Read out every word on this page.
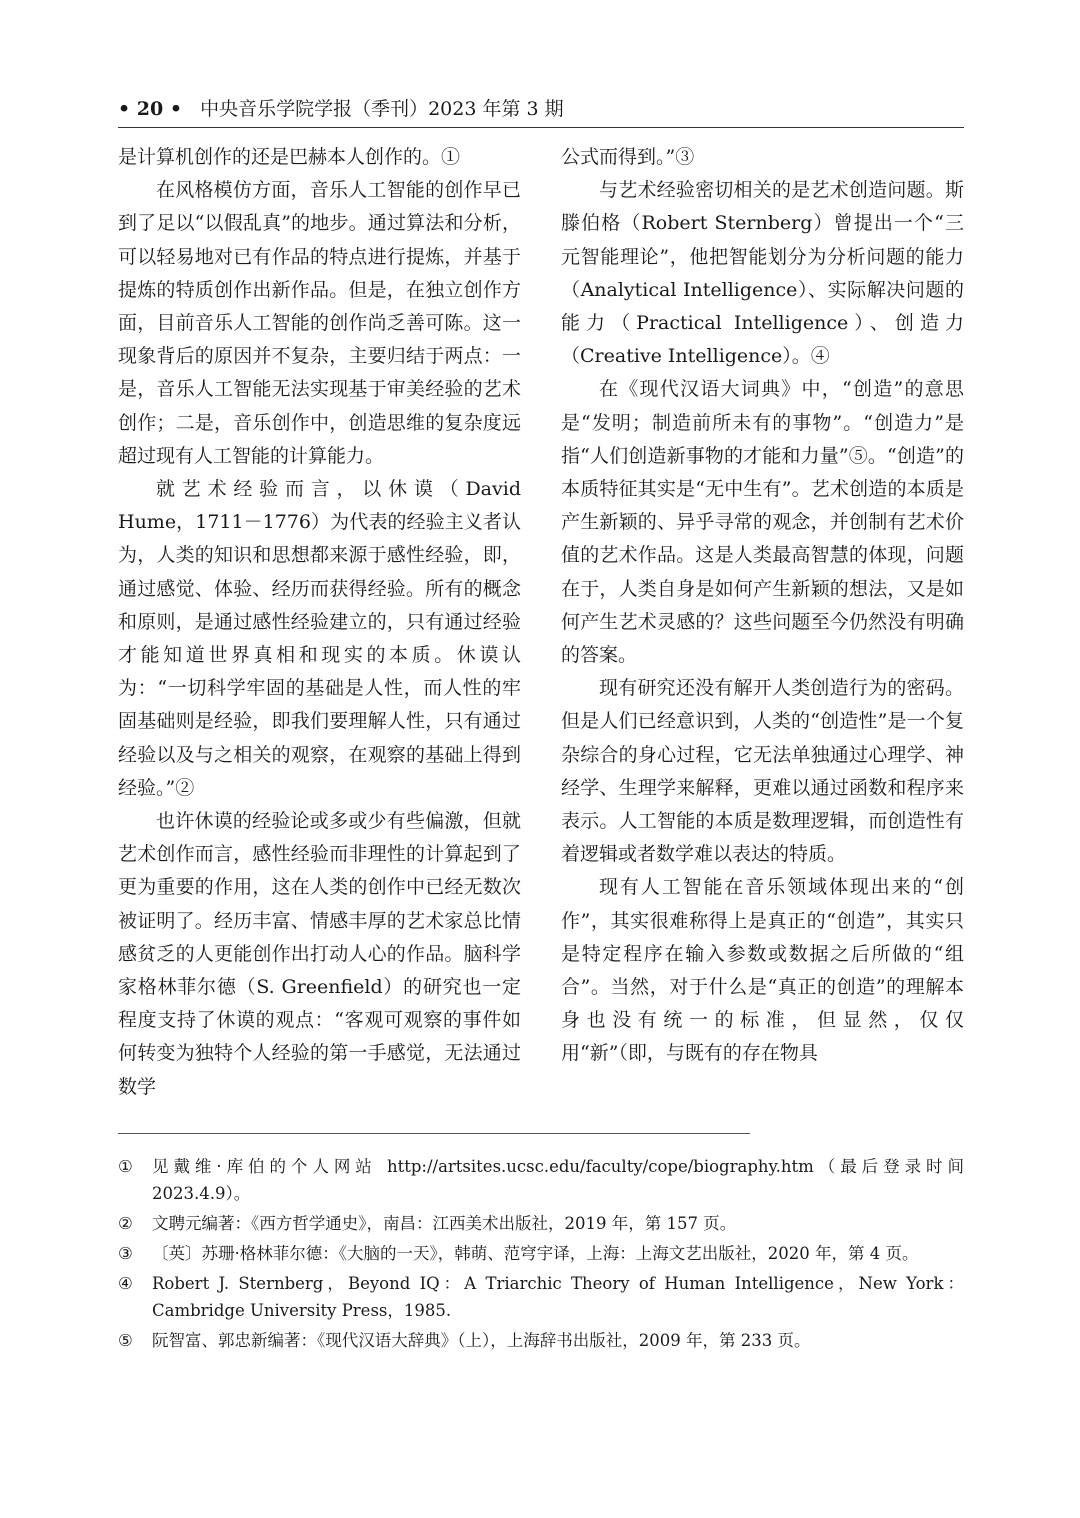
• 20 • 中央音乐学院学报（季刊）2023 年第 3 期

是计算机创作的还是巴赫本人创作的。①

在风格模仿方面，音乐人工智能的创作早已到了足以“以假乱真”的地步。通过算法和分析，可以轻易地对已有作品的特点进行提炼，并基于提炼的特质创作出新作品。但是，在独立创作方面，目前音乐人工智能的创作尚乏善可陈。这一现象背后的原因并不复杂，主要归结于两点：一是，音乐人工智能无法实现基于审美经验的艺术创作；二是，音乐创作中，创造思维的复杂度远超过现有人工智能的计算能力。

就艺术经验而言，以休谟（David Hume，1711－1776）为代表的经验主义者认为，人类的知识和思想都来源于感性经验，即，通过感觉、体验、经历而获得经验。所有的概念和原则，是通过感性经验建立的，只有通过经验才能知道世界真相和现实的本质。休谟认为：“一切科学牢固的基础是人性，而人性的牢固基础则是经验，即我们要理解人性，只有通过经验以及与之相关的观察，在观察的基础上得到经验。”②

也许休谟的经验论或多或少有些偏激，但就艺术创作而言，感性经验而非理性的计算起到了更为重要的作用，这在人类的创作中已经无数次被证明了。经历丰富、情感丰厚的艺术家总比情感贫乏的人更能创作出打动人心的作品。脑科学家格林菲尔德（S. Greenfield）的研究也一定程度支持了休谟的观点：“客观可观察的事件如何转变为独特个人经验的第一手感觉，无法通过数学

公式而得到。”③

与艺术经验密切相关的是艺术创造问题。斯滕伯格（Robert Sternberg）曾提出一个“三元智能理论”，他把智能划分为分析问题的能力（Analytical Intelligence）、实际解决问题的能力（Practical Intelligence）、创造力（Creative Intelligence）。④

在《现代汉语大词典》中，“创造”的意思是“发明；制造前所未有的事物”。“创造力”是指“人们创造新事物的才能和力量”⑤。“创造”的本质特征其实是“无中生有”。艺术创造的本质是产生新颖的、异乎寻常的观念，并创制有艺术价值的艺术作品。这是人类最高智慧的体现，问题在于，人类自身是如何产生新颖的想法，又是如何产生艺术灵感的？这些问题至今仍然没有明确的答案。

现有研究还没有解开人类创造行为的密码。但是人们已经意识到，人类的“创造性”是一个复杂综合的身心过程，它无法单独通过心理学、神经学、生理学来解释，更难以通过函数和程序来表示。人工智能的本质是数理逻辑，而创造性有着逻辑或者数学难以表达的特质。

现有人工智能在音乐领域体现出来的“创作”，其实很难称得上是真正的“创造”，其实只是特定程序在输入参数或数据之后所做的“组合”。当然，对于什么是“真正的创造”的理解本身也没有统一的标准，但显然，仅仅用“新”（即，与既有的存在物具

① 见戴维·库伯的个人网站 http://artsites.ucsc.edu/faculty/cope/biography.htm（最后登录时间 2023.4.9）。
② 文聘元编著：《西方哲学通史》，南昌：江西美术出版社，2019 年，第 157 页。
③ 〔英〕苏珊·格林菲尔德：《大脑的一天》，韩萌、范穹宇译，上海：上海文艺出版社，2020 年，第 4 页。
④ Robert J. Sternberg，Beyond IQ：A Triarchic Theory of Human Intelligence，New York：Cambridge University Press，1985.
⑤ 阮智富、郭忠新编著：《现代汉语大辞典》（上），上海辞书出版社，2009 年，第 233 页。
